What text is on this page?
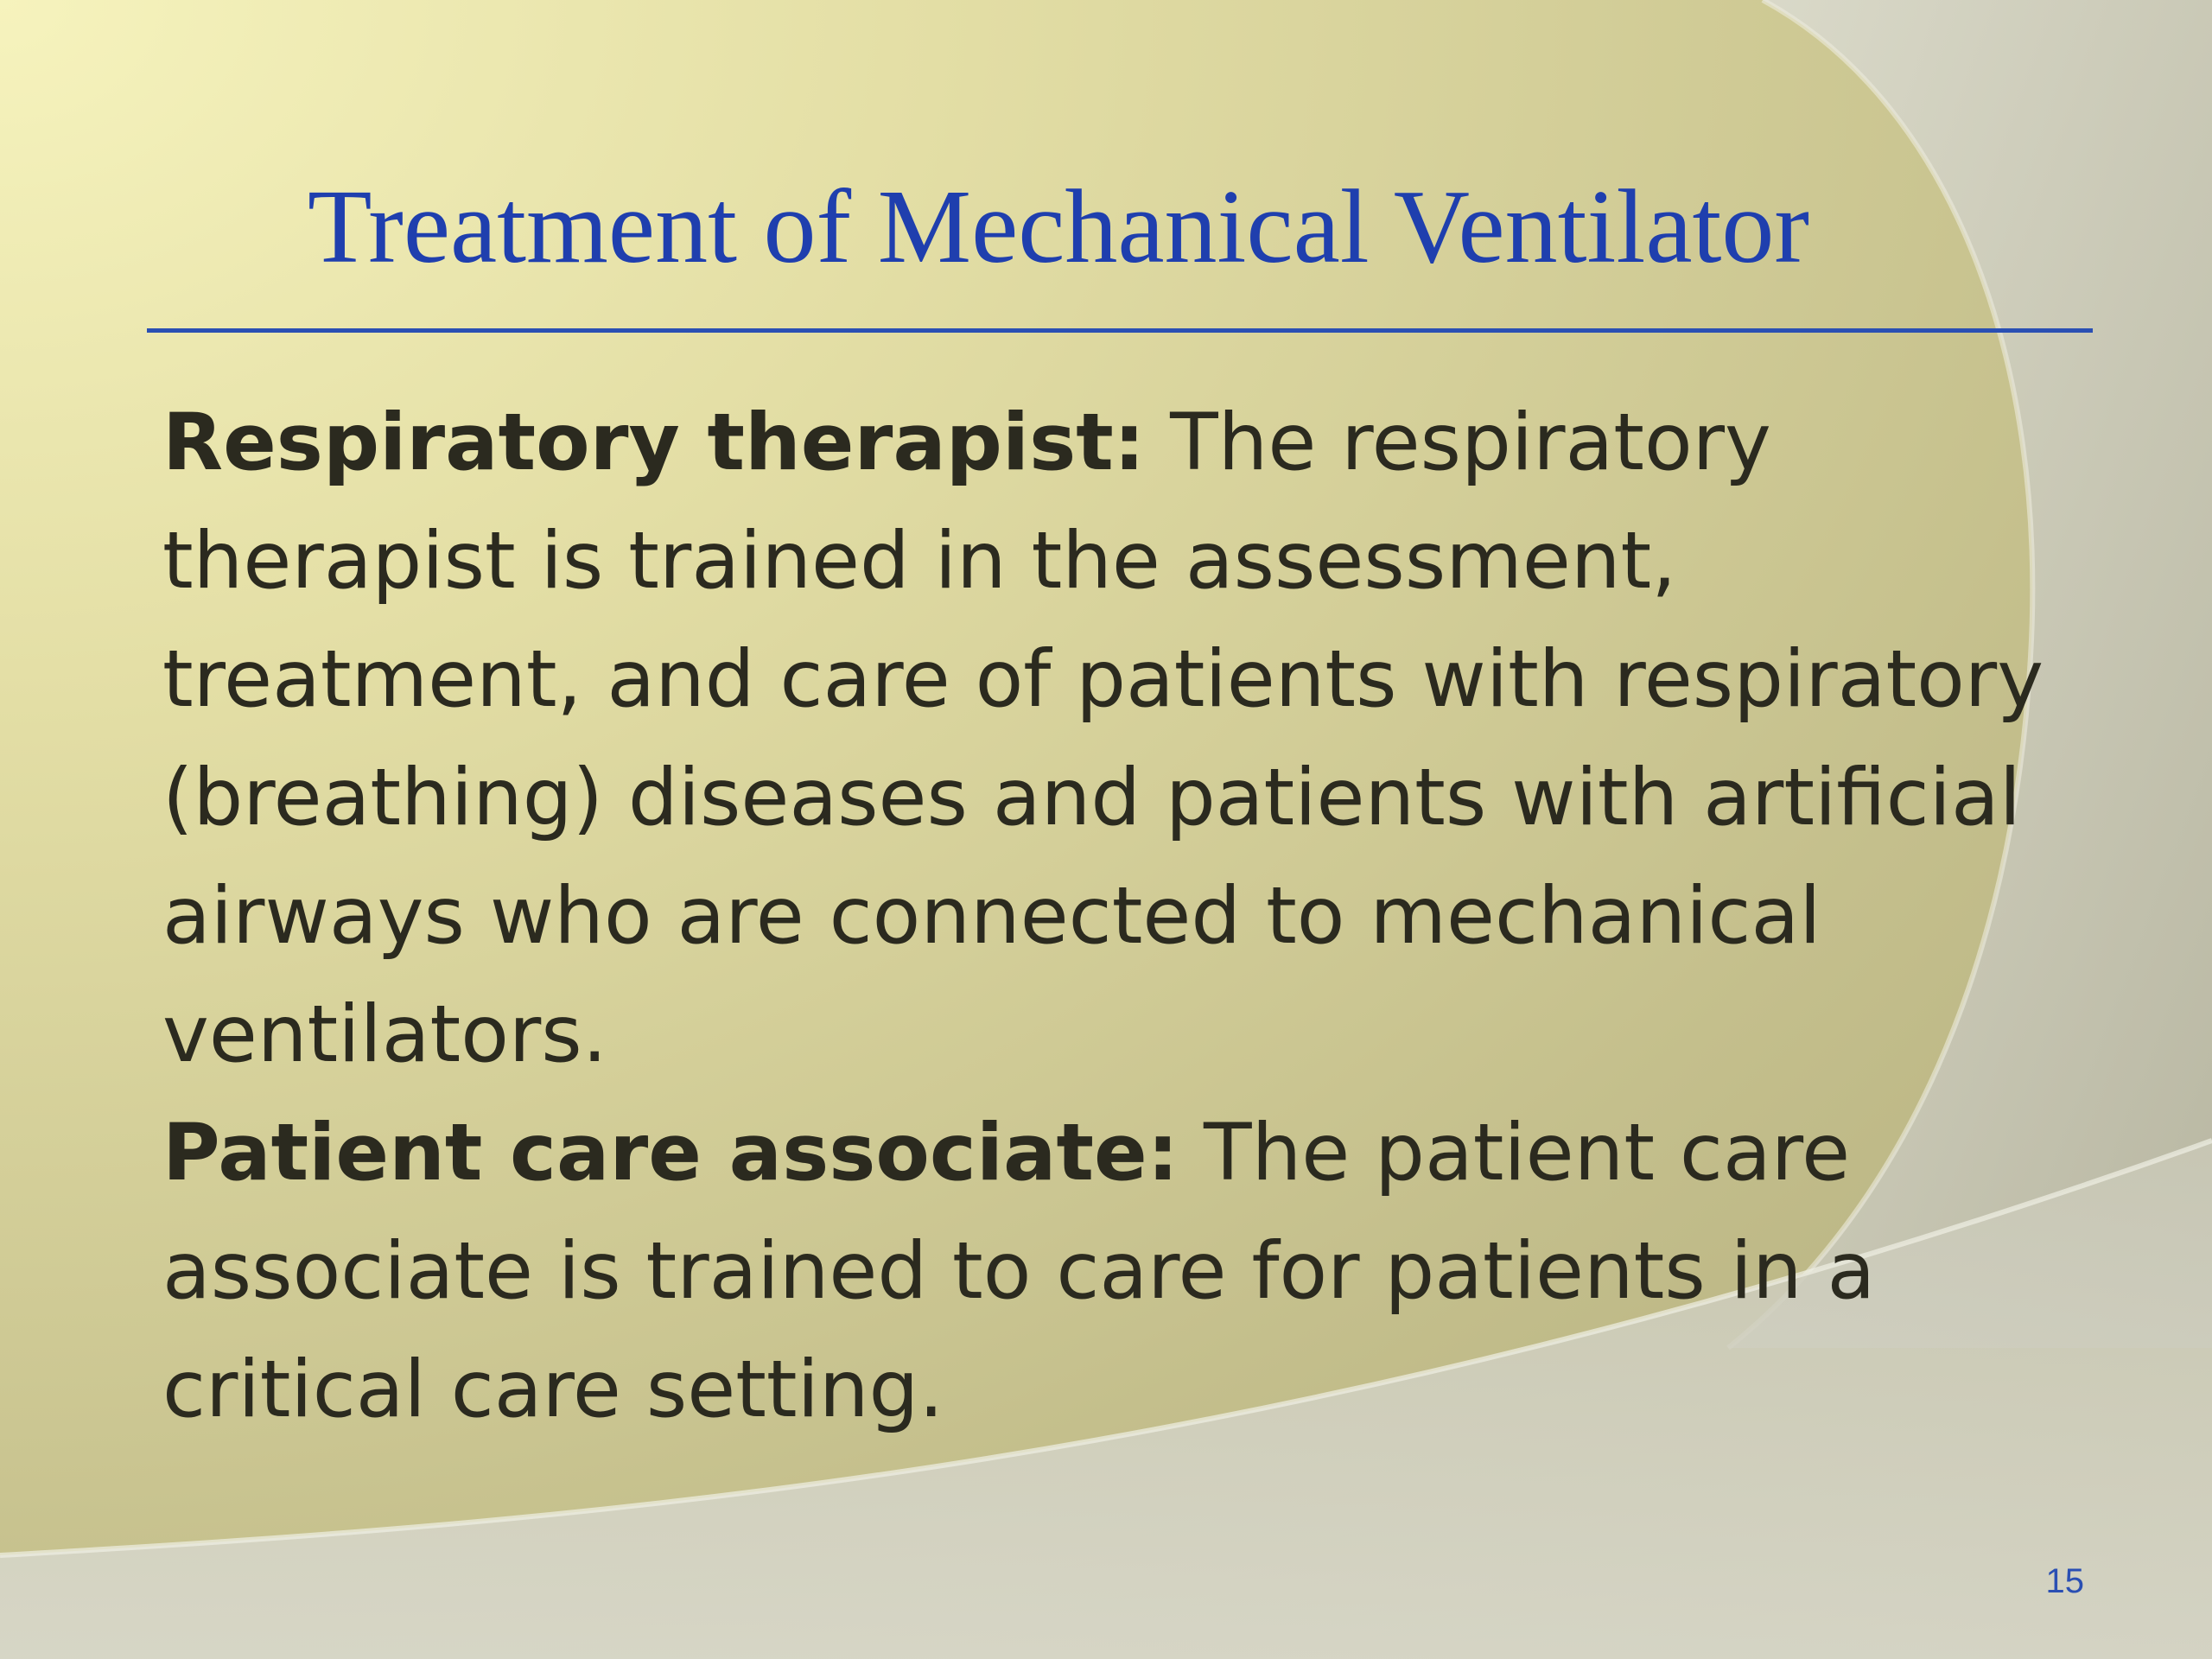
Treatment of Mechanical Ventilator

Respiratory therapist: The respiratory therapist is trained in the assessment, treatment, and care of patients with respiratory (breathing) diseases and patients with artificial airways who are connected to mechanical ventilators.

Patient care associate: The patient care associate is trained to care for patients in a critical care setting.

15
